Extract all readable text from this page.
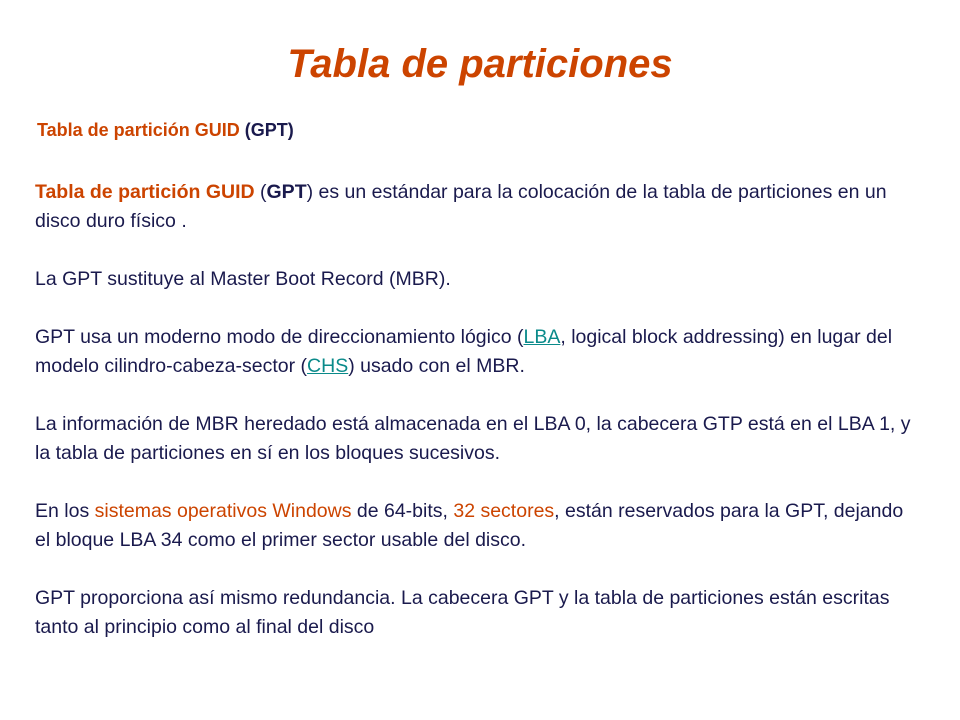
Tabla de particiones
Tabla de partición GUID (GPT)

Tabla de partición GUID (GPT) es un estándar para la colocación de la tabla de particiones en un disco duro físico .

La GPT sustituye al Master Boot Record (MBR).

GPT usa un moderno modo de direccionamiento lógico (LBA, logical block addressing) en lugar del modelo cilindro-cabeza-sector (CHS) usado con el MBR.

La información de MBR heredado está almacenada en el LBA 0, la cabecera GTP está en el LBA 1, y la tabla de particiones en sí en los bloques sucesivos.

En los sistemas operativos Windows de 64-bits, 32 sectores, están reservados para la GPT, dejando el bloque LBA 34 como el primer sector usable del disco.

GPT proporciona así mismo redundancia. La cabecera GPT y la tabla de particiones están escritas tanto al principio como al final del disco
